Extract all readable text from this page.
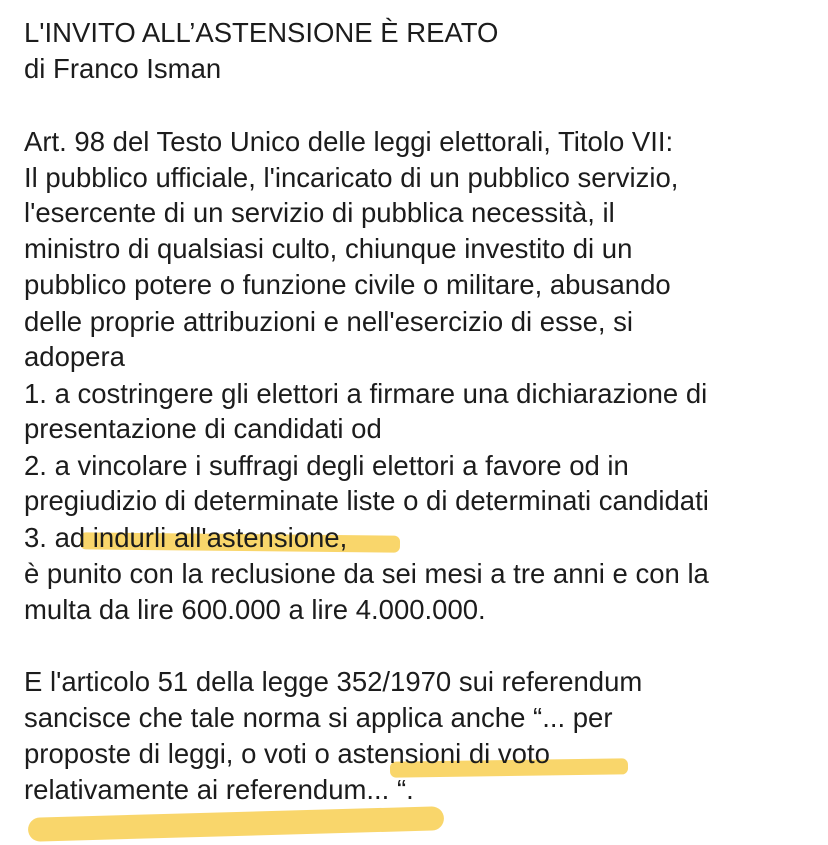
L'INVITO ALL’ASTENSIONE È REATO
di Franco Isman
Art. 98 del Testo Unico delle leggi elettorali, Titolo VII:
Il pubblico ufficiale, l'incaricato di un pubblico servizio,
l'esercente di un servizio di pubblica necessità, il
ministro di qualsiasi culto, chiunque investito di un
pubblico potere o funzione civile o militare, abusando
delle proprie attribuzioni e nell'esercizio di esse, si
adopera
1. a costringere gli elettori a firmare una dichiarazione di
presentazione di candidati od
2. a vincolare i suffragi degli elettori a favore od in
pregiudizio di determinate liste o di determinati candidati
3. ad indurli all'astensione,
è punito con la reclusione da sei mesi a tre anni e con la
multa da lire 600.000 a lire 4.000.000.
E l'articolo 51 della legge 352/1970 sui referendum
sancisce che tale norma si applica anche “... per
proposte di leggi, o voti o astensioni di voto
relativamente ai referendum... “.
